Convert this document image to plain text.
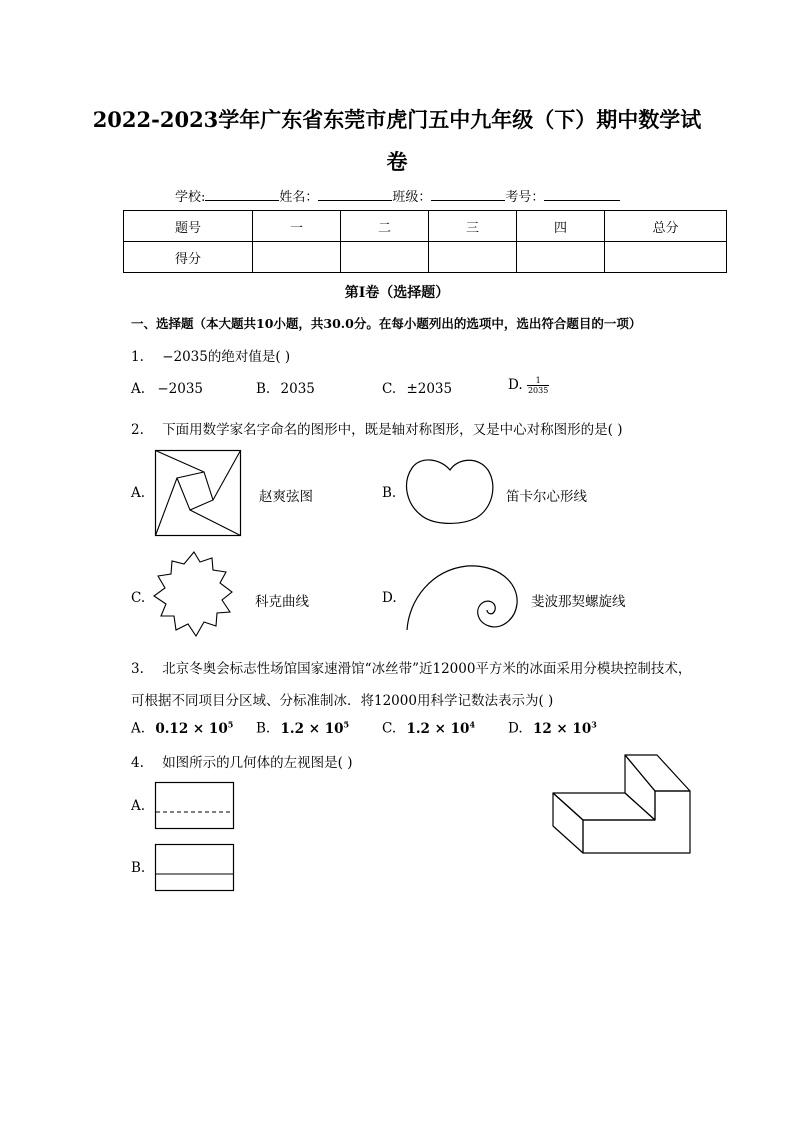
2022-2023学年广东省东莞市虎门五中九年级（下）期中数学试
卷
学校:	姓名：	班级：	考号：
题号	一	二	三	四	总分
得分					
第I卷（选择题）
一、选择题（本大题共10小题，共30.0分。在每小题列出的选项中，选出符合题目的一项）
1. −2035的绝对值是( )
A. −2035	B. 2035	C. ±2035	D. $\frac{1}{2035}$
2. 下面用数学家名字命名的图形中，既是轴对称图形，又是中心对称图形的是( )
A.	赵爽弦图	B.	笛卡尔心形线
C.	科克曲线	D.	斐波那契螺旋线
3. 北京冬奥会标志性场馆国家速滑馆“冰丝带”近12000平方米的冰面采用分模块控制技术，
可根据不同项目分区域、分标准制冰．将12000用科学记数法表示为( )
A. $0.12 \times 10^5$ B. $1.2 \times 10^5$ C. $1.2 \times 10^4$ D. $12 \times 10^3$
4. 如图所示的几何体的左视图是( )
A.
B.
